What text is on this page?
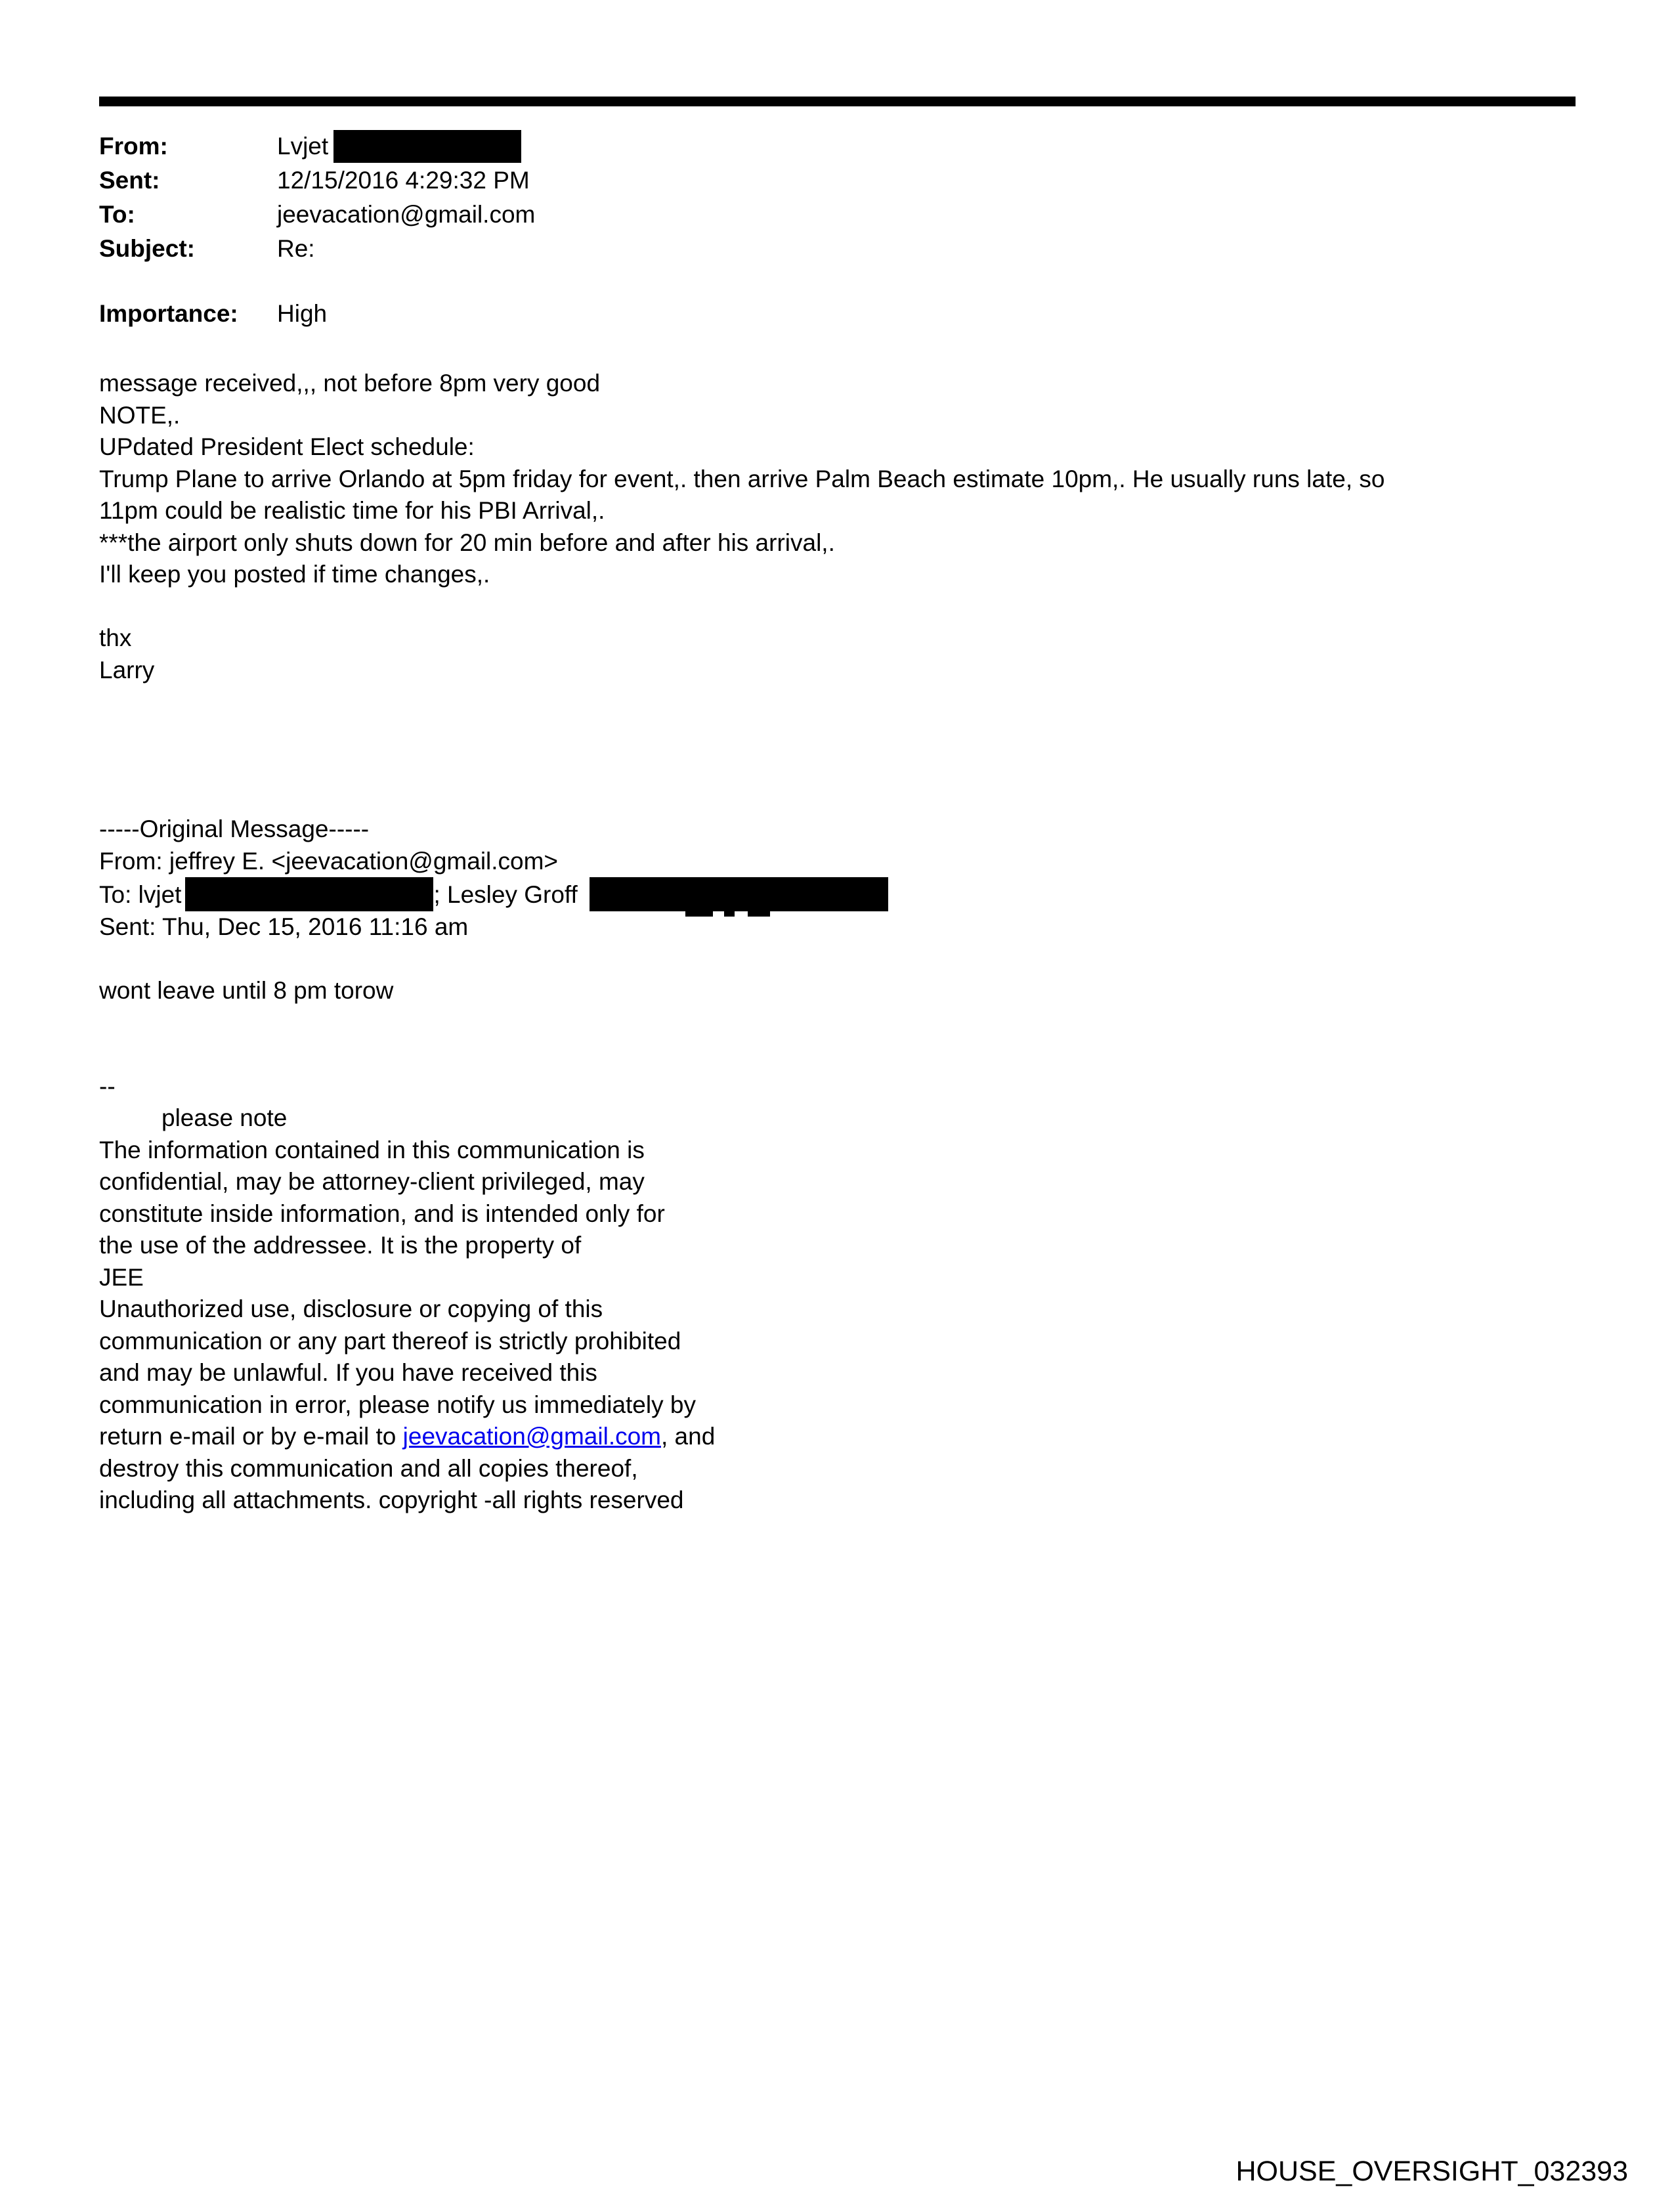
From:	Lvjet
Sent:	12/15/2016 4:29:32 PM
To:	jeevacation@gmail.com
Subject:	Re:
Importance:	High
message received,,, not before 8pm very good
NOTE,.
UPdated President Elect schedule:
Trump Plane to arrive Orlando at 5pm friday for event,. then arrive Palm Beach estimate 10pm,. He usually runs late, so
11pm could be realistic time for his PBI Arrival,.
***the airport only shuts down for 20 min before and after his arrival,.
I'll keep you posted if time changes,.
thx
Larry
-----Original Message-----
From: jeffrey E. <jeevacation@gmail.com>
To: lvjet	; Lesley Groff
Sent: Thu, Dec 15, 2016 11:16 am
wont leave until 8 pm torow
--
please note
The information contained in this communication is
confidential, may be attorney-client privileged, may
constitute inside information, and is intended only for
the use of the addressee. It is the property of
JEE
Unauthorized use, disclosure or copying of this
communication or any part thereof is strictly prohibited
and may be unlawful. If you have received this
communication in error, please notify us immediately by
return e-mail or by e-mail to jeevacation@gmail.com, and
destroy this communication and all copies thereof,
including all attachments. copyright -all rights reserved
HOUSE_OVERSIGHT_032393
